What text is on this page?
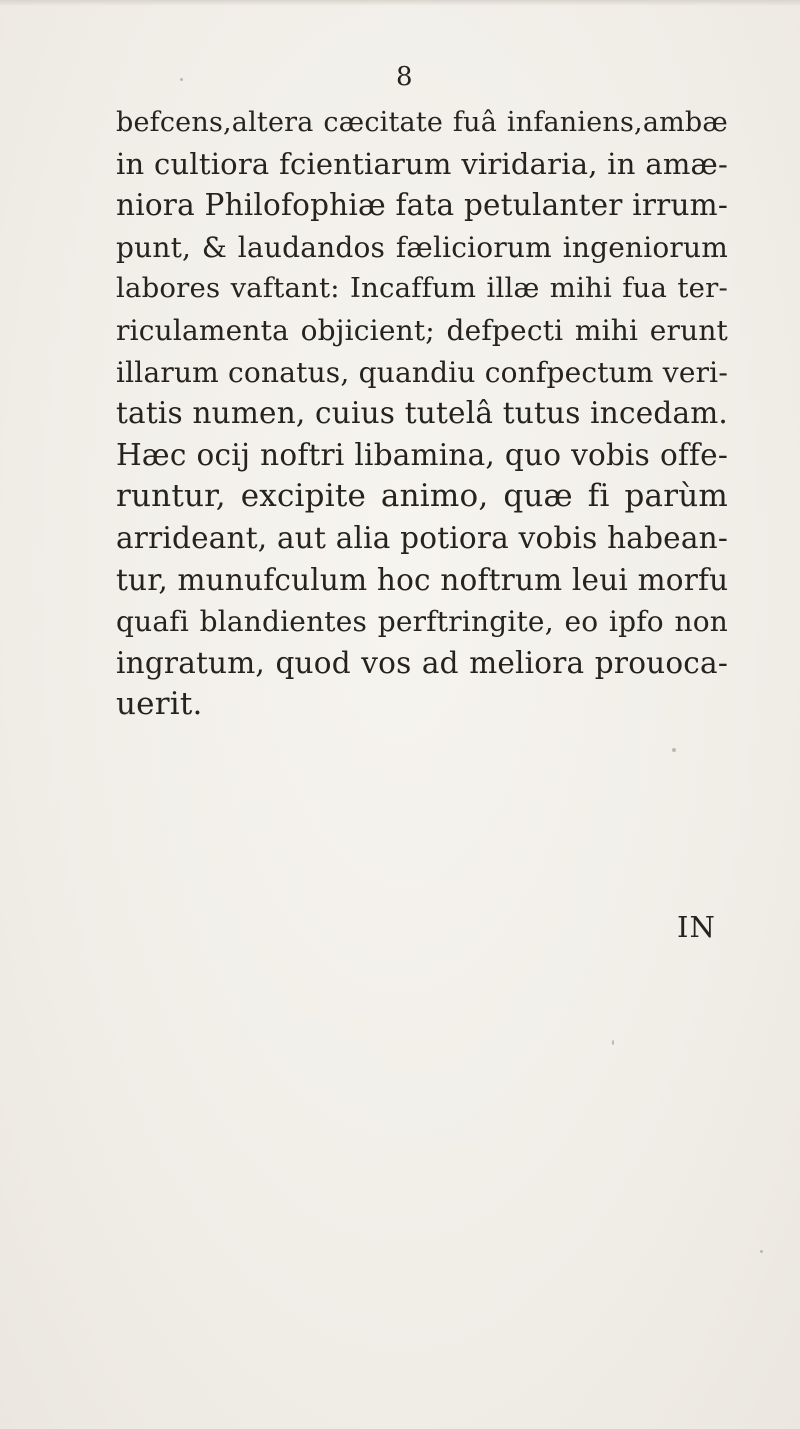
8
befcens,altera cæcitate fuâ infaniens,ambæ
in cultiora fcientiarum viridaria, in amæ-
niora Philofophiæ fata petulanter irrum-
punt, & laudandos fæliciorum ingeniorum
labores vaftant: Incaffum illæ mihi fua ter-
riculamenta objicient; defpecti mihi erunt
illarum conatus, quandiu confpectum veri-
tatis numen, cuius tutelâ tutus incedam.
Hæc ocij noftri libamina, quo vobis offe-
runtur, excipite animo, quæ fi parùm
arrideant, aut alia potiora vobis habean-
tur, munufculum hoc noftrum leui morfu
quafi blandientes perftringite, eo ipfo non
ingratum, quod vos ad meliora prouoca-
uerit.
IN
